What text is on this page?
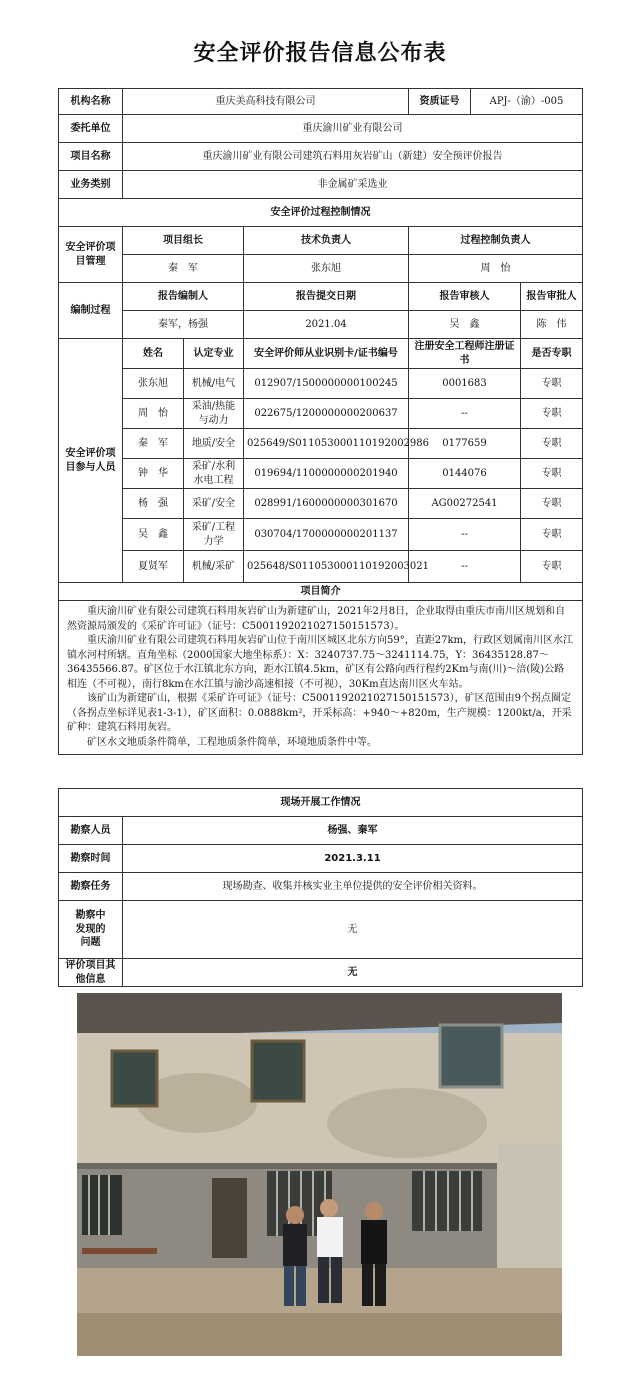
安全评价报告信息公布表
机构名称	重庆美高科技有限公司			资质证号	APJ-（渝）-005	
委托单位	重庆渝川矿业有限公司					
项目名称	重庆渝川矿业有限公司建筑石料用灰岩矿山（新建）安全预评价报告					
业务类别	非金属矿采选业					
安全评价过程控制情况						
安全评价项目管理	项目组长		技术负责人	过程控制负责人		
	秦　军		张东旭	周　怡		
编制过程	报告编制人		报告提交日期	报告审核人		报告审批人
	秦军，杨强		2021.04	吴　鑫		陈　伟
安全评价项目参与人员	姓名	认定专业	安全评价师从业识别卡/证书编号	注册安全工程师注册证书		是否专职
	张东旭	机械/电气	012907/1500000000100245	0001683		专职
	周　怡	采油/热能与动力	022675/1200000000200637	--		专职
	秦　军	地质/安全	025649/S011053000110192002986	0177659		专职
	钟　华	采矿/水利水电工程	019694/1100000000201940	0144076		专职
	杨　强	采矿/安全	028991/1600000000301670	AG00272541		专职
	吴　鑫	采矿/工程力学	030704/1700000000201137	--		专职
	夏贤军	机械/采矿	025648/S011053000110192003021	--		专职
项目简介						

重庆渝川矿业有限公司建筑石料用灰岩矿山为新建矿山，2021年2月8日，企业取得由重庆市南川区规划和自然资源局颁发的《采矿许可证》（证号：C5001192021027150151573）。

重庆渝川矿业有限公司建筑石料用灰岩矿山位于南川区城区北东方向59°，直距27km，行政区划属南川区水江镇水河村所辖。直角坐标（2000国家大地坐标系）：X：3240737.75～3241114.75，Y：36435128.87～36435566.87。矿区位于水江镇北东方向，距水江镇4.5km，矿区有公路向西行程约2Km与南(川)～涪(陵)公路相连（不可视），南行8km在水江镇与渝沙高速相接（不可视），30Km直达南川区火车站。

该矿山为新建矿山，根据《采矿许可证》（证号：C5001192021027150151573），矿区范围由9个拐点圈定（各拐点坐标详见表1-3-1），矿区面积：0.0888km²，开采标高：+940～+820m，生产规模：1200kt/a，开采矿种：建筑石料用灰岩。

矿区水文地质条件简单，工程地质条件简单，环境地质条件中等。						

现场开展工作情况	
勘察人员	杨强、秦军
勘察时间	2021.3.11
勘察任务	现场勘查、收集并核实业主单位提供的安全评价相关资料。
勘察中发现的问题	无
评价项目其他信息	无
